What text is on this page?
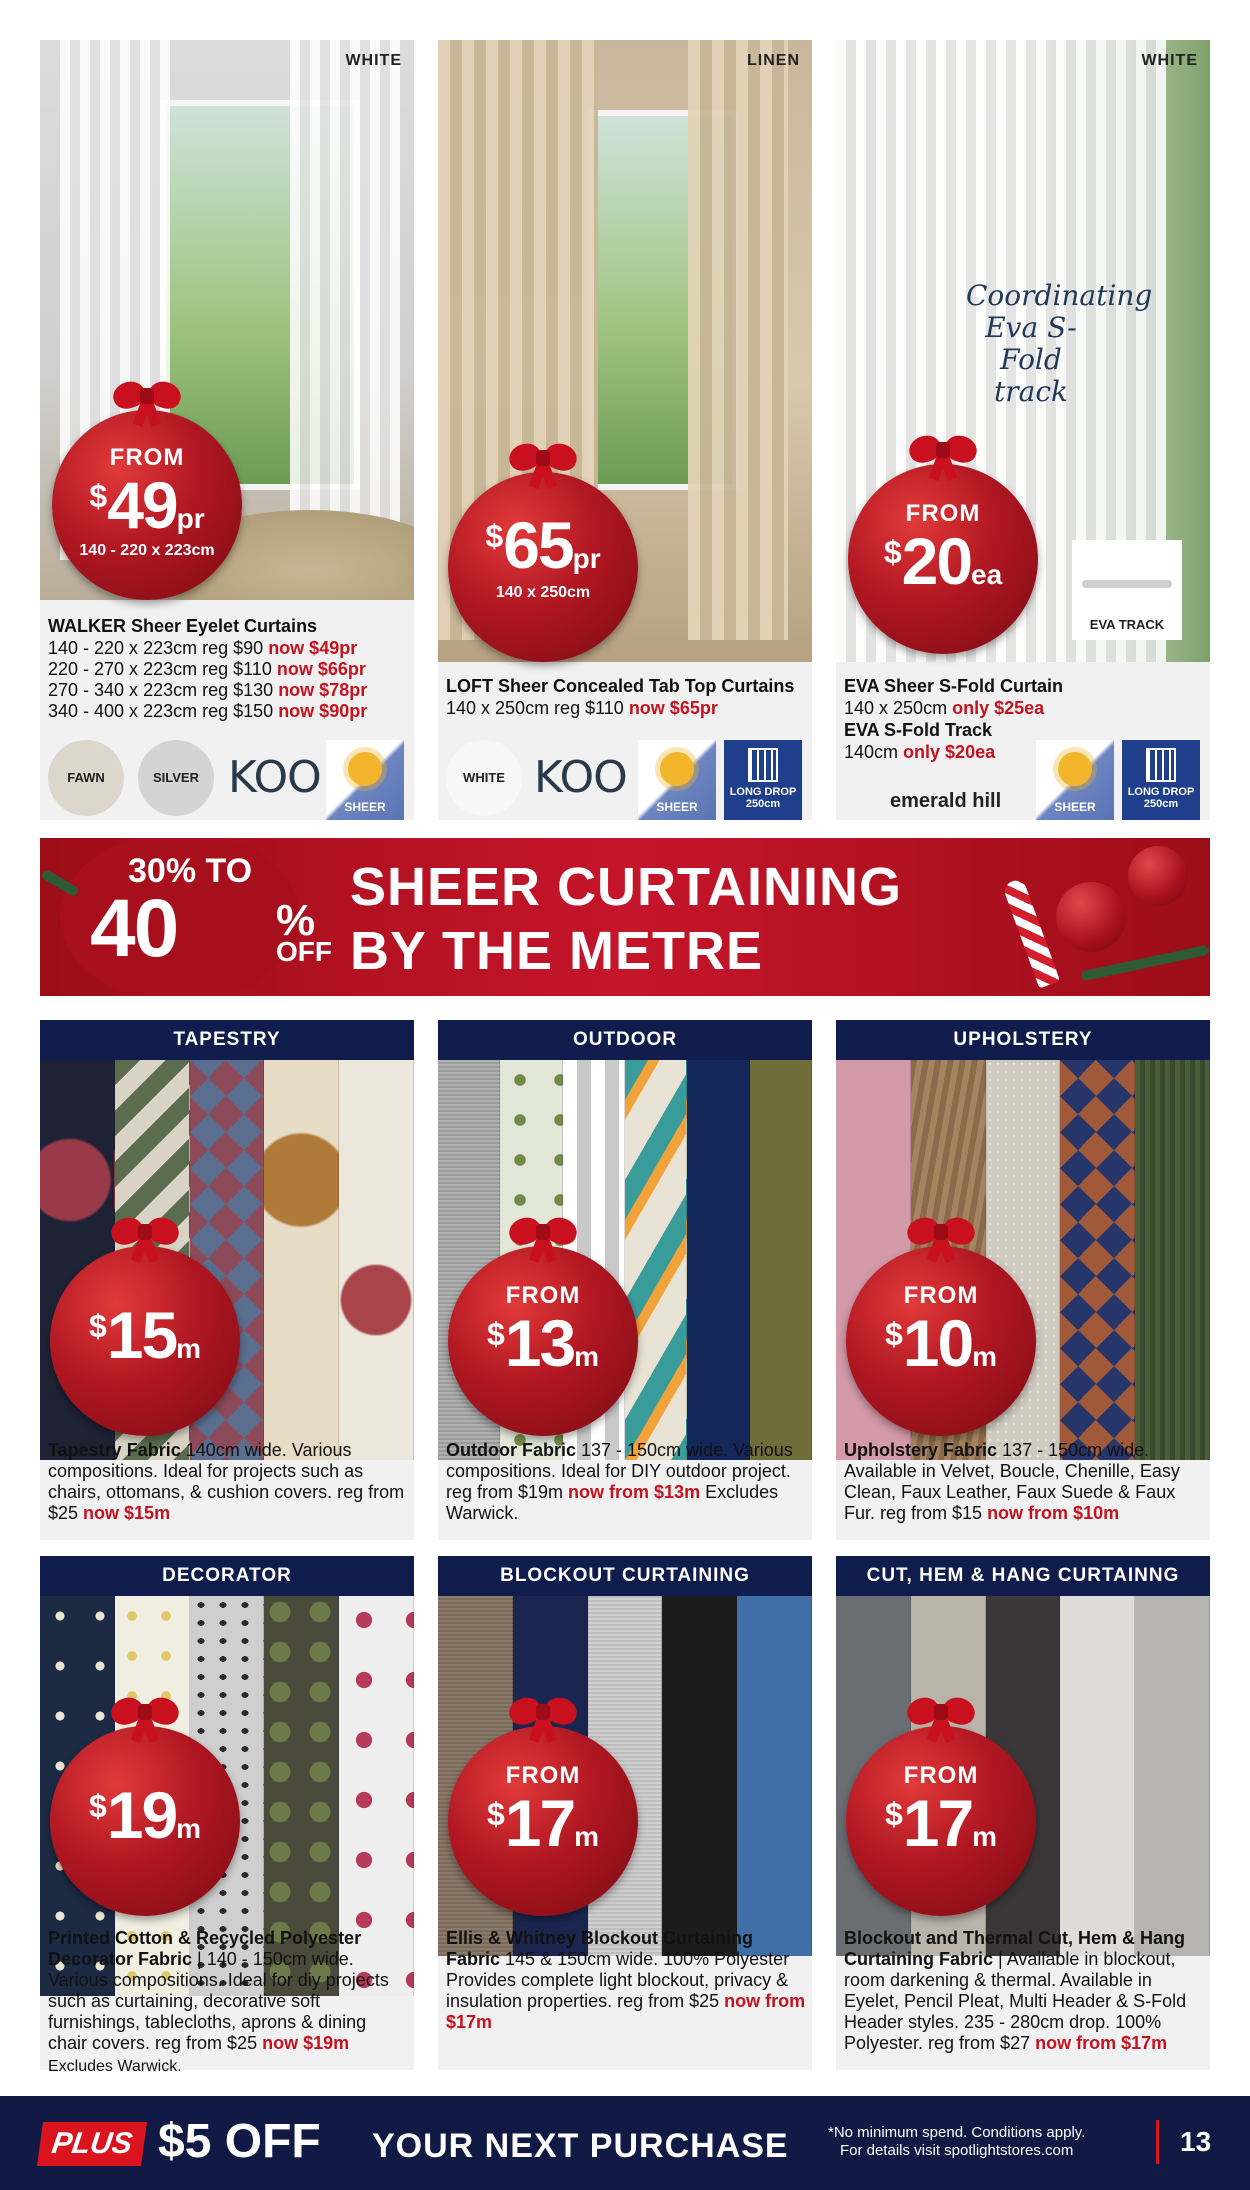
WHITE
FROM
$49pr
140 - 220 x 223cm
WALKER Sheer Eyelet Curtains
140 - 220 x 223cm reg $90 now $49pr
220 - 270 x 223cm reg $110 now $66pr
270 - 340 x 223cm reg $130 now $78pr
340 - 400 x 223cm reg $150 now $90pr
FAWN	SILVER KOO
SHEER
LINEN
$65pr
140 x 250cm
LOFT Sheer Concealed Tab Top Curtains
140 x 250cm reg $110 now $65pr
WHITE KOO
SHEER
LONG DROP 250cm
WHITE
Coordinating Eva S-Fold track
EVA TRACK
FROM
$20ea
EVA Sheer S-Fold Curtain
140 x 250cm only $25ea
EVA S-Fold Track
140cm only $20ea
emerald hill	SHEER
LONG DROP 250cm
30% TO
40 %
OFF
SHEER CURTAINING
BY THE METRE
TAPESTRY
$15m
Tapestry Fabric 140cm wide. Various compositions. Ideal for projects such as chairs, ottomans, & cushion covers. reg from $25 now $15m
OUTDOOR
FROM
$13m
Outdoor Fabric 137 - 150cm wide. Various compositions. Ideal for DIY outdoor project. reg from $19m now from $13m Excludes Warwick.
UPHOLSTERY
FROM
$10m
Upholstery Fabric 137 - 150cm wide. Available in Velvet, Boucle, Chenille, Easy Clean, Faux Leather, Faux Suede & Faux Fur. reg from $15 now from $10m
DECORATOR
$19m
Printed Cotton & Recycled Polyester Decorator Fabric | 140 - 150cm wide. Various compositions. Ideal for diy projects such as curtaining, decorative soft furnishings, tablecloths, aprons & dining chair covers. reg from $25 now $19m Excludes Warwick.
BLOCKOUT CURTAINING
FROM
$17m
Ellis & Whitney Blockout Curtaining Fabric 145 & 150cm wide. 100% Polyester Provides complete light blockout, privacy & insulation properties. reg from $25 now from $17m
CUT, HEM & HANG CURTAINNG
FROM
$17m
Blockout and Thermal Cut, Hem & Hang Curtaining Fabric | Available in blockout, room darkening & thermal. Available in Eyelet, Pencil Pleat, Multi Header & S-Fold Header styles. 235 - 280cm drop. 100% Polyester. reg from $27 now from $17m
PLUS $5 OFF YOUR NEXT PURCHASE	*No minimum spend. Conditions apply.
For details visit spotlightstores.com	13
